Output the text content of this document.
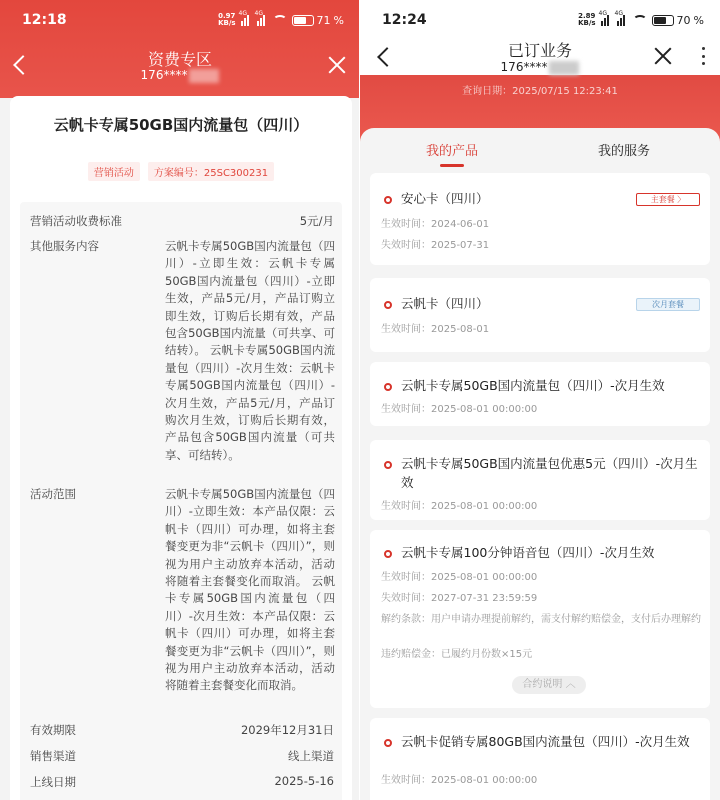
12:18	0.97
KB/s
4G 4G
71 %
资费专区
176****
云帆卡专属50GB国内流量包（四川）
营销活动	方案编号：25SC300231
营销活动收费标准	5元/月
其他服务内容	云帆卡专属50GB国内流量包（四川）-立即生效：云帆卡专属50GB国内流量包（四川）-立即生效，产品5元/月，产品订购立即生效，订购后长期有效，产品包含50GB国内流量（可共享、可结转）。 云帆卡专属50GB国内流量包（四川）-次月生效：云帆卡专属50GB国内流量包（四川）-次月生效，产品5元/月，产品订购次月生效，订购后长期有效，产品包含50GB国内流量（可共享、可结转）。
活动范围	云帆卡专属50GB国内流量包（四川）-立即生效：本产品仅限：云帆卡（四川）可办理，如将主套餐变更为非“云帆卡（四川）”，则视为用户主动放弃本活动，活动将随着主套餐变化而取消。 云帆卡专属50GB国内流量包（四川）-次月生效：本产品仅限：云帆卡（四川）可办理，如将主套餐变更为非“云帆卡（四川）”，则视为用户主动放弃本活动，活动将随着主套餐变化而取消。
有效期限	2029年12月31日
销售渠道	线上渠道
上线日期	2025-5-16
12:24	2.89
KB/s
4G 4G
70 %
已订业务
176****
查询日期：2025/07/15 12:23:41
我的产品	我的服务
安心卡（四川）	主套餐 〉
生效时间：2024-06-01
失效时间：2025-07-31
云帆卡（四川）	次月套餐
生效时间：2025-08-01
云帆卡专属50GB国内流量包（四川）-次月生效
生效时间：2025-08-01 00:00:00
云帆卡专属50GB国内流量包优惠5元（四川）-次月生效
生效时间：2025-08-01 00:00:00
云帆卡专属100分钟语音包（四川）-次月生效
生效时间：2025-08-01 00:00:00
失效时间：2027-07-31 23:59:59
解约条款：用户申请办理提前解约，需支付解约赔偿金，支付后办理解约
违约赔偿金：已履约月份数×15元
合约说明 ︿
云帆卡促销专属80GB国内流量包（四川）-次月生效
生效时间：2025-08-01 00:00:00
